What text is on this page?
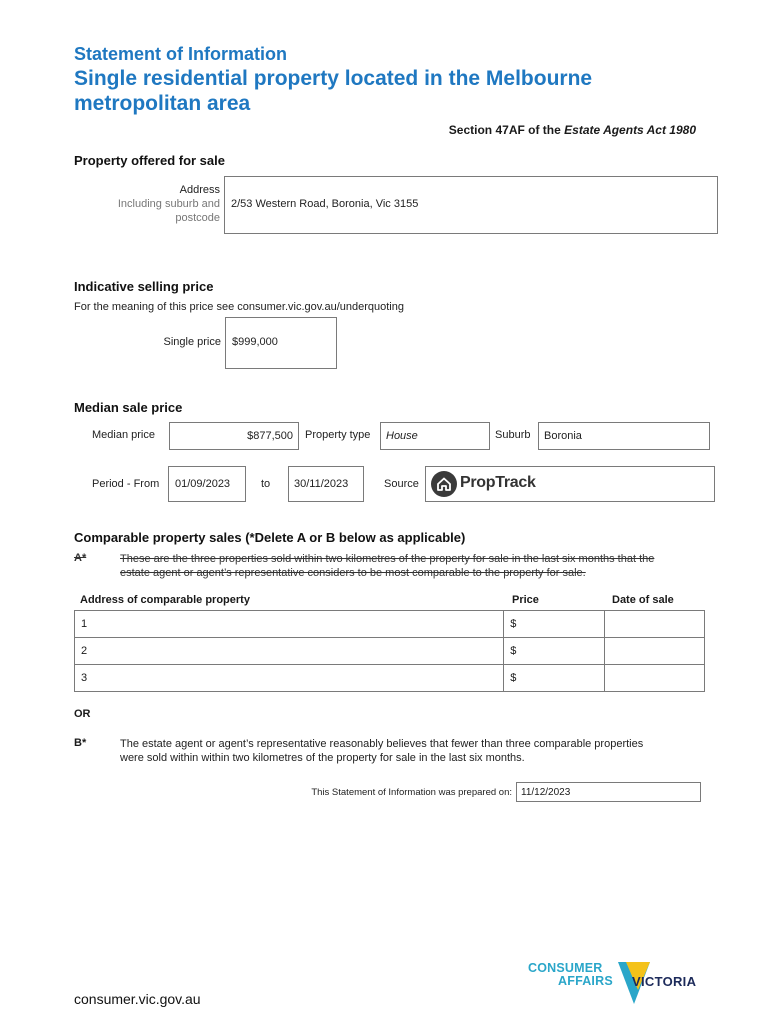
Statement of Information
Single residential property located in the Melbourne
metropolitan area
Section 47AF of the Estate Agents Act 1980
Property offered for sale
Address
Including suburb and
postcode
2/53 Western Road, Boronia, Vic 3155
Indicative selling price
For the meaning of this price see consumer.vic.gov.au/underquoting
Single price $999,000
Median sale price
Median price	$877,500 Property type House	Suburb Boronia
Period - From 01/09/2023	to 30/11/2023	Source	PropTrack
Comparable property sales (*Delete A or B below as applicable)
A*	These are the three properties sold within two kilometres of the property for sale in the last six months that the
estate agent or agent’s representative considers to be most comparable to the property for sale.
Address of comparable property	Price	Date of sale
1	$	
2	$	
3	$	
OR
B*	The estate agent or agent’s representative reasonably believes that fewer than three comparable properties
were sold within within two kilometres of the property for sale in the last six months.
This Statement of Information was prepared on: 11/12/2023
consumer.vic.gov.au
CONSUMER
AFFAIRS VICTORIA
